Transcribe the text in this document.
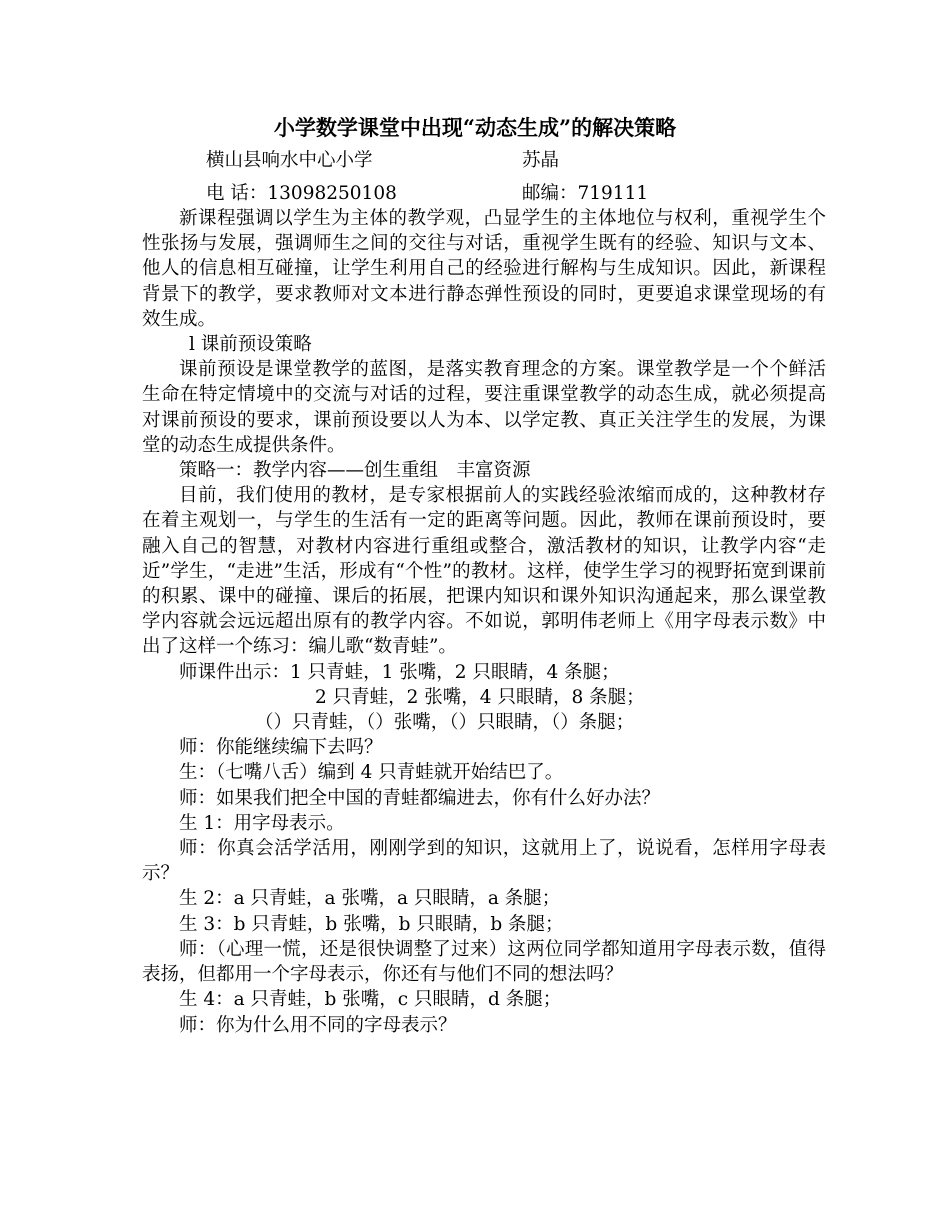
小学数学课堂中出现“动态生成”的解决策略
横山县响水中心小学	苏晶
电 话：13098250108	邮编：719111

新课程强调以学生为主体的教学观，凸显学生的主体地位与权利，重视学生个性张扬与发展，强调师生之间的交往与对话，重视学生既有的经验、知识与文本、他人的信息相互碰撞，让学生利用自己的经验进行解构与生成知识。因此，新课程背景下的教学，要求教师对文本进行静态弹性预设的同时，更要追求课堂现场的有效生成。

l 课前预设策略

课前预设是课堂教学的蓝图，是落实教育理念的方案。课堂教学是一个个鲜活生命在特定情境中的交流与对话的过程，要注重课堂教学的动态生成，就必须提高对课前预设的要求，课前预设要以人为本、以学定教、真正关注学生的发展，为课堂的动态生成提供条件。

策略一：教学内容——创生重组　丰富资源

目前，我们使用的教材，是专家根据前人的实践经验浓缩而成的，这种教材存在着主观划一，与学生的生活有一定的距离等问题。因此，教师在课前预设时，要融入自己的智慧，对教材内容进行重组或整合，激活教材的知识，让教学内容“走近”学生，“走进”生活，形成有“个性”的教材。这样，使学生学习的视野拓宽到课前的积累、课中的碰撞、课后的拓展，把课内知识和课外知识沟通起来，那么课堂教学内容就会远远超出原有的教学内容。不如说，郭明伟老师上《用字母表示数》中出了这样一个练习：编儿歌“数青蛙”。

师课件出示：1 只青蛙，1 张嘴，2 只眼睛，4 条腿；

2 只青蛙，2 张嘴，4 只眼睛，8 条腿；

（）只青蛙，（）张嘴，（）只眼睛，（）条腿；

师：你能继续编下去吗？

生：（七嘴八舌）编到 4 只青蛙就开始结巴了。

师：如果我们把全中国的青蛙都编进去，你有什么好办法？

生 1：用字母表示。

师：你真会活学活用，刚刚学到的知识，这就用上了，说说看，怎样用字母表示？

生 2：a 只青蛙，a 张嘴，a 只眼睛，a 条腿；

生 3：b 只青蛙，b 张嘴，b 只眼睛，b 条腿；

师：（心理一慌，还是很快调整了过来）这两位同学都知道用字母表示数，值得表扬，但都用一个字母表示，你还有与他们不同的想法吗？

生 4：a 只青蛙，b 张嘴，c 只眼睛，d 条腿；

师：你为什么用不同的字母表示？
